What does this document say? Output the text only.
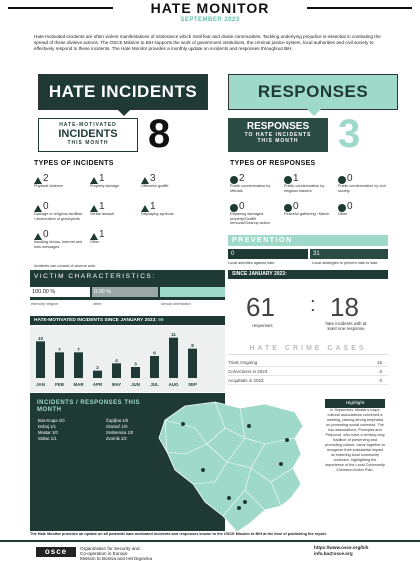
HATE MONITOR
SEPTEMBER 2023
Hate-motivated incidents are often violent manifestations of intolerance which instil fear and divide communities. Tackling underlying prejudice is essential in combating the spread of these divisive actions. The OSCE Mission to BiH supports the work of government institutions, the criminal justice system, local authorities and civil society to effectively respond to these incidents. The Hate Monitor provides a monthly update on incidents and responses throughout BiH.
HATE INCIDENTS	RESPONSES
HATE-MOTIVATED
INCIDENTS
THIS MONTH 8	RESPONSES
TO HATE INCIDENTS
THIS MONTH 3
TYPES OF INCIDENTS
2
Physical violence
1
Property damage
3
Offensive graffiti
0
Damage to religious facilities / desecration of graveyards
1
Verbal assault
1
Displaying symbols
0
Insulting shows, internet and sms messages
1
Other
Incidents can consist of several acts.
TYPES OF RESPONSES
2
Public condemnation by officials
1
Public condemnation by religious leaders
0
Public condemnation by civil society
0
Repairing damaged property/Graffiti removal/Cleanup action
0
Peaceful gathering / March
0
Other
PREVENTION
0	31
Local activities against hate	Local strategies to prevent hate to date
VICTIM CHARACTERISTICS:
100.00 %	0.00 %
ethnicity religion	other	sexual orientation
HATE-MOTIVATED INCIDENTS SINCE JANUARY 2023: 56
10
JAN
7
FEB
7
MAR
2
APR
4
MAY
3
JUN
6
JUL
11
AUG
8
SEP
SINCE JANUARY 2023:
61 : 18
responses	hate incidents with at least one response
HATE CRIME CASES
Trials Ongoing	15
Convictions in 2023	0
Acquittals in 2023	0
INCIDENTS / RESPONSES THIS MONTH
Bos.Krupa 1/0
Doboj 1/1
Mostar 1/0
Stolac 1/1
Čapljina 1/0
Glamoč 1/0
Srebrenica 1/0
Zvornik 1/2
Highlight
In September, Mostar's major cultural associations convened a meeting, placing strong emphasis on promoting social cohesion. The two associations, Prosvjeta and Preporod, who have a century-long tradition of preserving and promoting culture, came together to recognize their substantial impact on fostering local community cohesion, highlighting the importance of the Local Community Cohesion Action Plan.
The Hate Monitor provides an update on all potential hate-motivated incidents and responses known to the OSCE Mission to BiH at the time of publishing the report.
osce	Organization for Security and
Co-operation in Europe
Mission to Bosnia and Herzegovina
https://www.osce.org/bih
info.ba@osce.org
